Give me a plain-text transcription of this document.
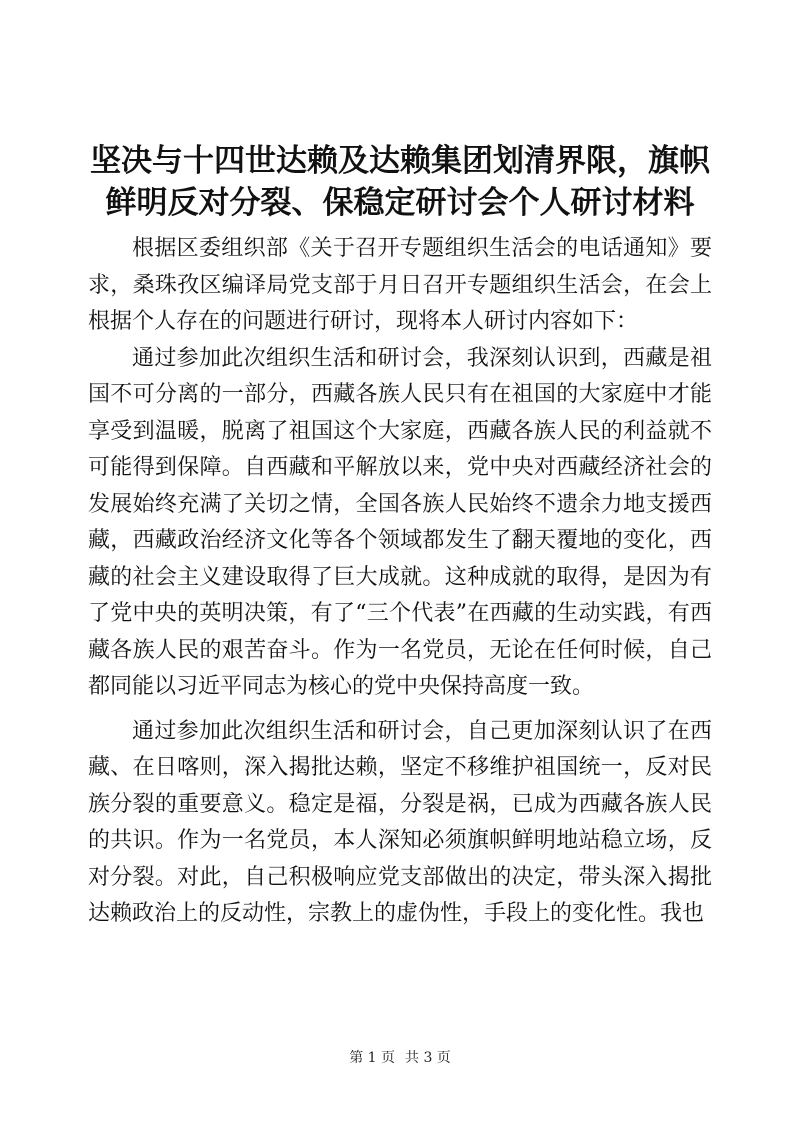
坚决与十四世达赖及达赖集团划清界限，旗帜
鲜明反对分裂、保稳定研讨会个人研讨材料

根据区委组织部《关于召开专题组织生活会的电话通知》要求，桑珠孜区编译局党支部于月日召开专题组织生活会，在会上根据个人存在的问题进行研讨，现将本人研讨内容如下：

通过参加此次组织生活和研讨会，我深刻认识到，西藏是祖国不可分离的一部分，西藏各族人民只有在祖国的大家庭中才能享受到温暖，脱离了祖国这个大家庭，西藏各族人民的利益就不可能得到保障。自西藏和平解放以来，党中央对西藏经济社会的发展始终充满了关切之情，全国各族人民始终不遗余力地支援西藏，西藏政治经济文化等各个领域都发生了翻天覆地的变化，西藏的社会主义建设取得了巨大成就。这种成就的取得，是因为有了党中央的英明决策，有了“三个代表”在西藏的生动实践，有西藏各族人民的艰苦奋斗。作为一名党员，无论在任何时候，自己都同能以习近平同志为核心的党中央保持高度一致。

通过参加此次组织生活和研讨会，自己更加深刻认识了在西藏、在日喀则，深入揭批达赖，坚定不移维护祖国统一，反对民族分裂的重要意义。稳定是福，分裂是祸，已成为西藏各族人民的共识。作为一名党员，本人深知必须旗帜鲜明地站稳立场，反对分裂。对此，自己积极响应党支部做出的决定，带头深入揭批达赖政治上的反动性，宗教上的虚伪性，手段上的变化性。我也

第 1 页 共 3 页
